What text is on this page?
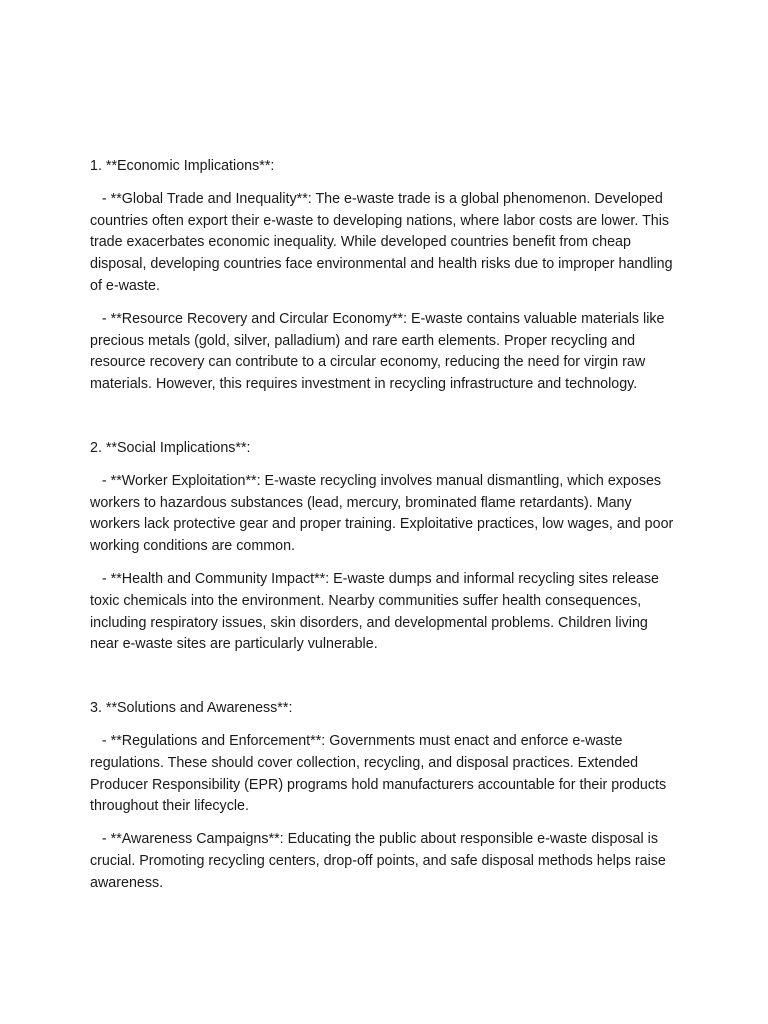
1. **Economic Implications**:

- **Global Trade and Inequality**: The e-waste trade is a global phenomenon. Developed countries often export their e-waste to developing nations, where labor costs are lower. This trade exacerbates economic inequality. While developed countries benefit from cheap disposal, developing countries face environmental and health risks due to improper handling of e-waste.

- **Resource Recovery and Circular Economy**: E-waste contains valuable materials like precious metals (gold, silver, palladium) and rare earth elements. Proper recycling and resource recovery can contribute to a circular economy, reducing the need for virgin raw materials. However, this requires investment in recycling infrastructure and technology.

2. **Social Implications**:

- **Worker Exploitation**: E-waste recycling involves manual dismantling, which exposes workers to hazardous substances (lead, mercury, brominated flame retardants). Many workers lack protective gear and proper training. Exploitative practices, low wages, and poor working conditions are common.

- **Health and Community Impact**: E-waste dumps and informal recycling sites release toxic chemicals into the environment. Nearby communities suffer health consequences, including respiratory issues, skin disorders, and developmental problems. Children living near e-waste sites are particularly vulnerable.

3. **Solutions and Awareness**:

- **Regulations and Enforcement**: Governments must enact and enforce e-waste regulations. These should cover collection, recycling, and disposal practices. Extended Producer Responsibility (EPR) programs hold manufacturers accountable for their products throughout their lifecycle.

- **Awareness Campaigns**: Educating the public about responsible e-waste disposal is crucial. Promoting recycling centers, drop-off points, and safe disposal methods helps raise awareness.
